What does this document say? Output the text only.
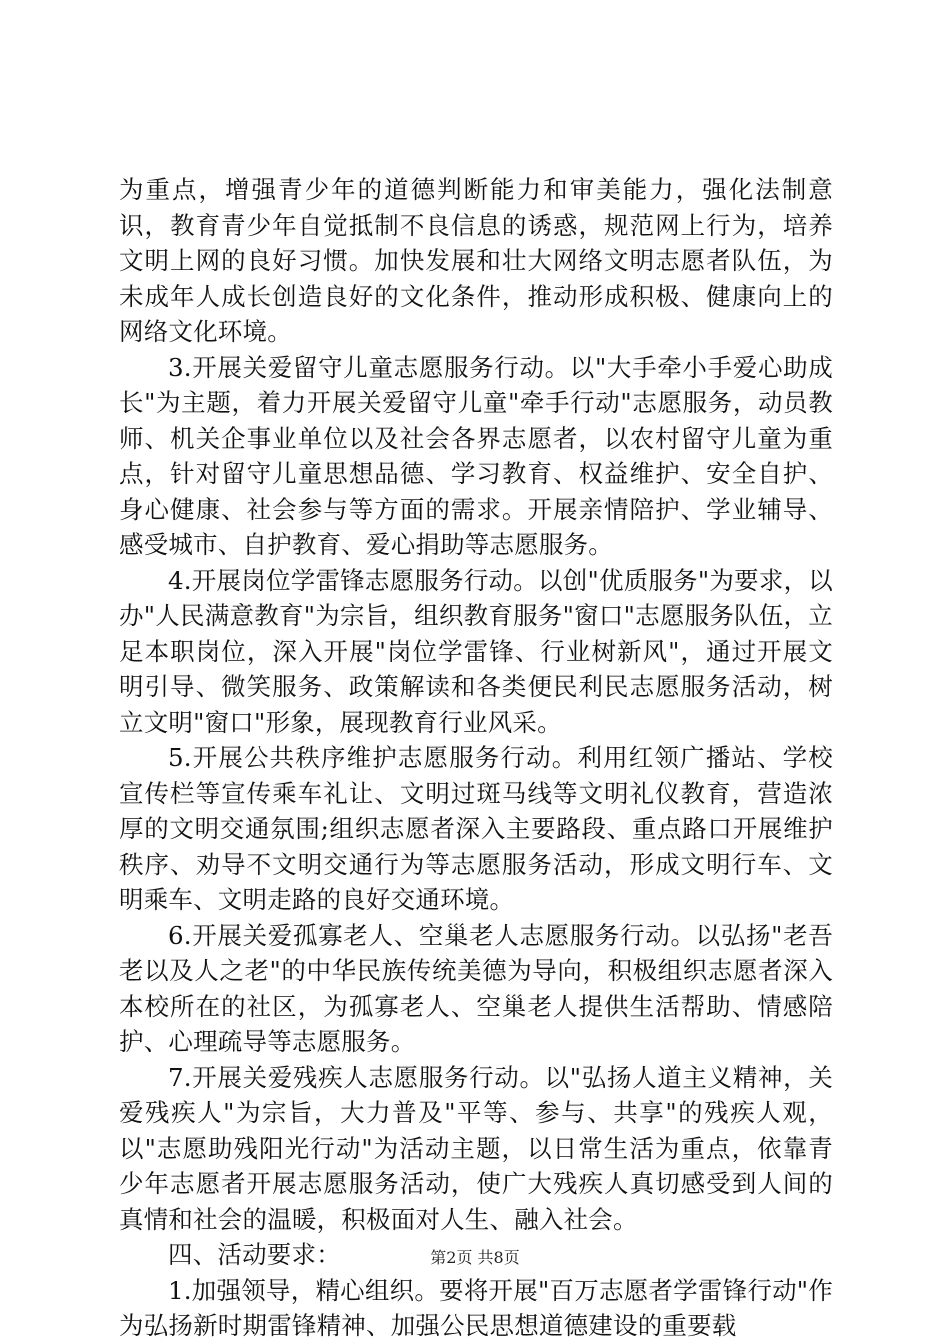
为重点，增强青少年的道德判断能力和审美能力，强化法制意识，教育青少年自觉抵制不良信息的诱惑，规范网上行为，培养文明上网的良好习惯。加快发展和壮大网络文明志愿者队伍，为未成年人成长创造良好的文化条件，推动形成积极、健康向上的网络文化环境。

3.开展关爱留守儿童志愿服务行动。以"大手牵小手爱心助成长"为主题，着力开展关爱留守儿童"牵手行动"志愿服务，动员教师、机关企事业单位以及社会各界志愿者，以农村留守儿童为重点，针对留守儿童思想品德、学习教育、权益维护、安全自护、身心健康、社会参与等方面的需求。开展亲情陪护、学业辅导、感受城市、自护教育、爱心捐助等志愿服务。

4.开展岗位学雷锋志愿服务行动。以创"优质服务"为要求，以办"人民满意教育"为宗旨，组织教育服务"窗口"志愿服务队伍，立足本职岗位，深入开展"岗位学雷锋、行业树新风"，通过开展文明引导、微笑服务、政策解读和各类便民利民志愿服务活动，树立文明"窗口"形象，展现教育行业风采。

5.开展公共秩序维护志愿服务行动。利用红领广播站、学校宣传栏等宣传乘车礼让、文明过斑马线等文明礼仪教育，营造浓厚的文明交通氛围;组织志愿者深入主要路段、重点路口开展维护秩序、劝导不文明交通行为等志愿服务活动，形成文明行车、文明乘车、文明走路的良好交通环境。

6.开展关爱孤寡老人、空巢老人志愿服务行动。以弘扬"老吾老以及人之老"的中华民族传统美德为导向，积极组织志愿者深入本校所在的社区，为孤寡老人、空巢老人提供生活帮助、情感陪护、心理疏导等志愿服务。

7.开展关爱残疾人志愿服务行动。以"弘扬人道主义精神，关爱残疾人"为宗旨，大力普及"平等、参与、共享"的残疾人观，以"志愿助残阳光行动"为活动主题，以日常生活为重点，依靠青少年志愿者开展志愿服务活动，使广大残疾人真切感受到人间的真情和社会的温暖，积极面对人生、融入社会。

四、活动要求：

1.加强领导，精心组织。要将开展"百万志愿者学雷锋行动"作为弘扬新时期雷锋精神、加强公民思想道德建设的重要载

第2页 共8页
